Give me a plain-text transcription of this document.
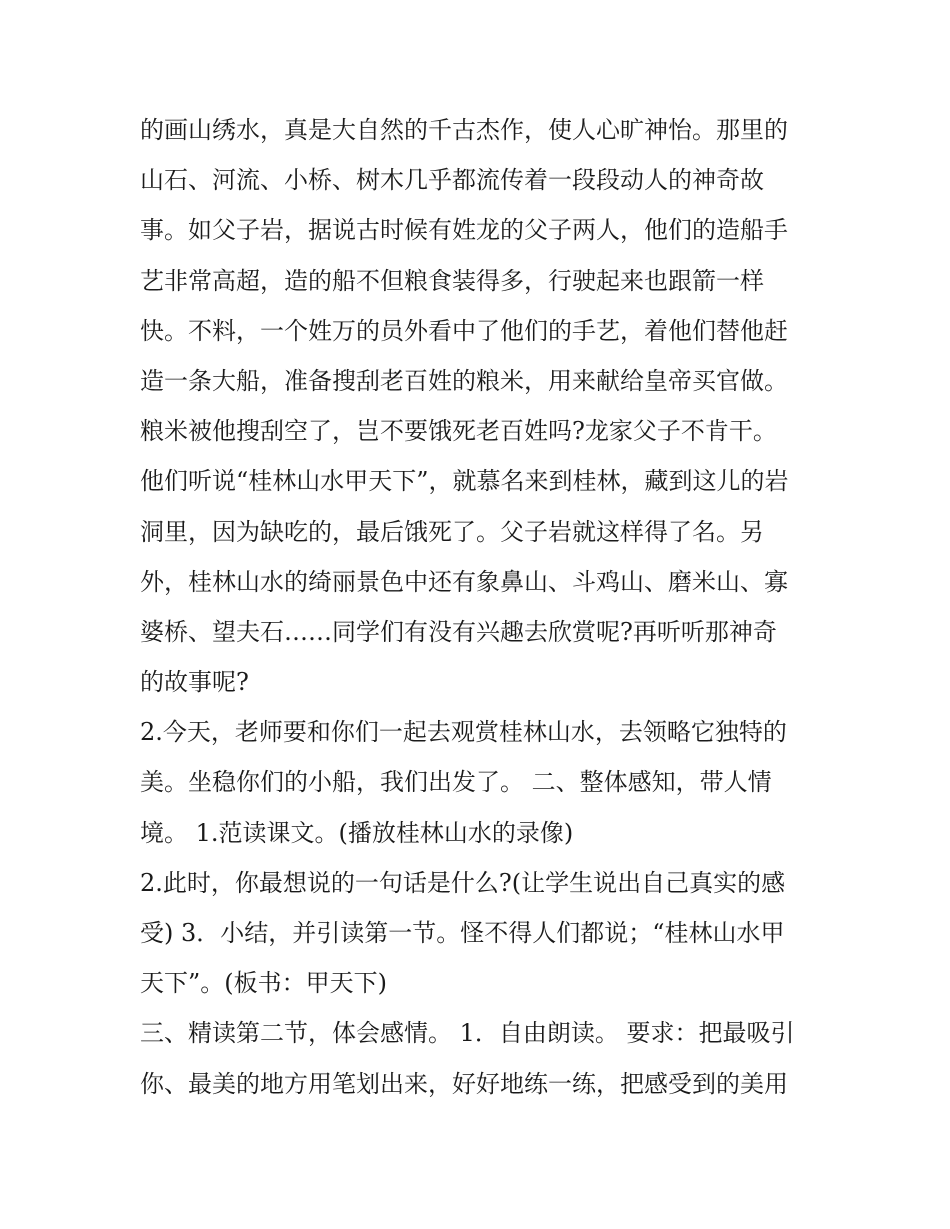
的画山绣水，真是大自然的千古杰作，使人心旷神怡。那里的
山石、河流、小桥、树木几乎都流传着一段段动人的神奇故
事。如父子岩，据说古时候有姓龙的父子两人，他们的造船手
艺非常高超，造的船不但粮食装得多，行驶起来也跟箭一样
快。不料，一个姓万的员外看中了他们的手艺，着他们替他赶
造一条大船，准备搜刮老百姓的粮米，用来献给皇帝买官做。
粮米被他搜刮空了，岂不要饿死老百姓吗?龙家父子不肯干。
他们听说“桂林山水甲天下”，就慕名来到桂林，藏到这儿的岩
洞里，因为缺吃的，最后饿死了。父子岩就这样得了名。另
外，桂林山水的绮丽景色中还有象鼻山、斗鸡山、磨米山、寡
婆桥、望夫石……同学们有没有兴趣去欣赏呢?再听听那神奇
的故事呢?
2.今天，老师要和你们一起去观赏桂林山水，去领略它独特的
美。坐稳你们的小船，我们出发了。 二、整体感知，带人情
境。 1.范读课文。(播放桂林山水的录像)
2.此时，你最想说的一句话是什么?(让学生说出自己真实的感
受) 3．小结，并引读第一节。怪不得人们都说；“桂林山水甲
天下”。(板书：甲天下)
三、精读第二节，体会感情。 1．自由朗读。 要求：把最吸引
你、最美的地方用笔划出来，好好地练一练，把感受到的美用
